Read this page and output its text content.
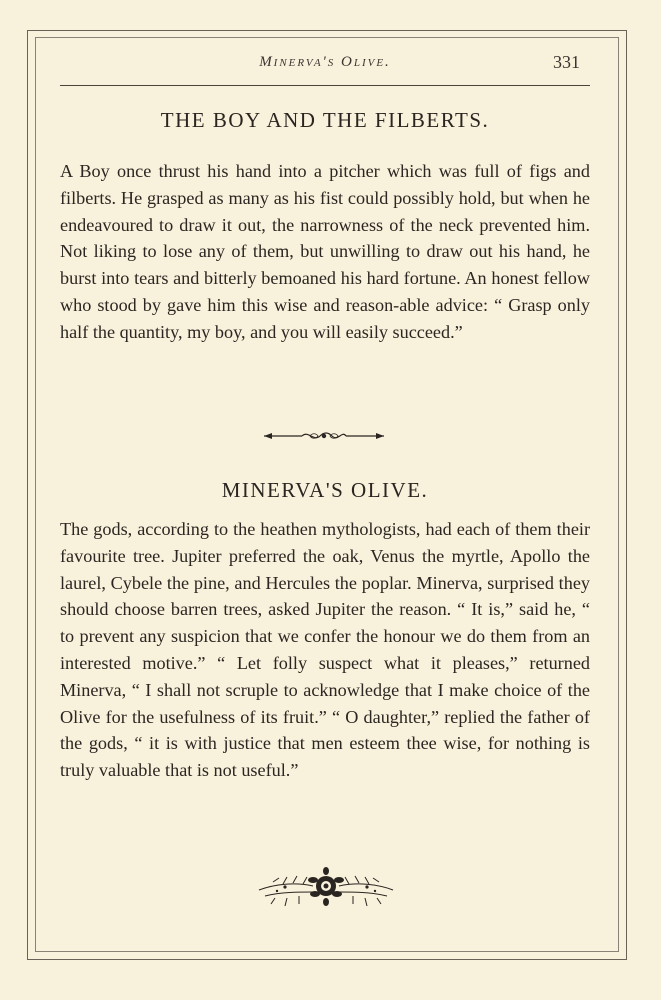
Minerva's Olive.	331
THE BOY AND THE FILBERTS.

A Boy once thrust his hand into a pitcher which was full of figs and filberts. He grasped as many as his fist could possibly hold, but when he endeavoured to draw it out, the narrowness of the neck prevented him. Not liking to lose any of them, but unwilling to draw out his hand, he burst into tears and bitterly bemoaned his hard fortune. An honest fellow who stood by gave him this wise and reason-able advice: “ Grasp only half the quantity, my boy, and you will easily succeed.”

MINERVA'S OLIVE.

The gods, according to the heathen mythologists, had each of them their favourite tree. Jupiter preferred the oak, Venus the myrtle, Apollo the laurel, Cybele the pine, and Hercules the poplar. Minerva, surprised they should choose barren trees, asked Jupiter the reason. “ It is,” said he, “ to prevent any suspicion that we confer the honour we do them from an interested motive.” “ Let folly suspect what it pleases,” returned Minerva, “ I shall not scruple to acknowledge that I make choice of the Olive for the usefulness of its fruit.” “ O daughter,” replied the father of the gods, “ it is with justice that men esteem thee wise, for nothing is truly valuable that is not useful.”
